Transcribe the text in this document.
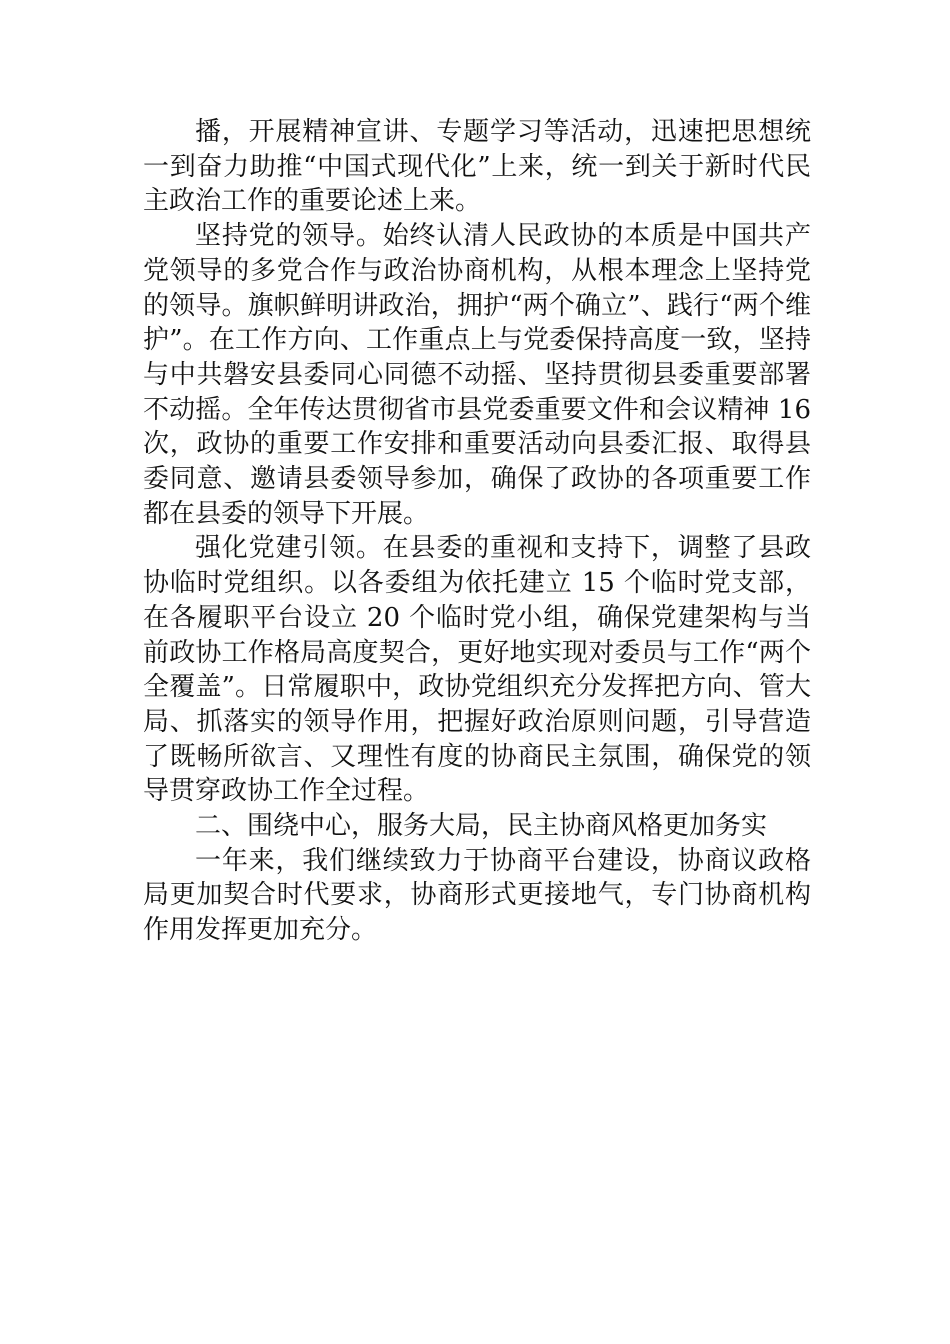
播，开展精神宣讲、专题学习等活动，迅速把思想统一到奋力助推“中国式现代化”上来，统一到关于新时代民主政治工作的重要论述上来。

坚持党的领导。始终认清人民政协的本质是中国共产党领导的多党合作与政治协商机构，从根本理念上坚持党的领导。旗帜鲜明讲政治，拥护“两个确立”、践行“两个维护”。在工作方向、工作重点上与党委保持高度一致，坚持与中共磐安县委同心同德不动摇、坚持贯彻县委重要部署不动摇。全年传达贯彻省市县党委重要文件和会议精神 16 次，政协的重要工作安排和重要活动向县委汇报、取得县委同意、邀请县委领导参加，确保了政协的各项重要工作都在县委的领导下开展。

强化党建引领。在县委的重视和支持下，调整了县政协临时党组织。以各委组为依托建立 15 个临时党支部，在各履职平台设立 20 个临时党小组，确保党建架构与当前政协工作格局高度契合，更好地实现对委员与工作“两个全覆盖”。日常履职中，政协党组织充分发挥把方向、管大局、抓落实的领导作用，把握好政治原则问题，引导营造了既畅所欲言、又理性有度的协商民主氛围，确保党的领导贯穿政协工作全过程。

二、围绕中心，服务大局，民主协商风格更加务实

一年来，我们继续致力于协商平台建设，协商议政格局更加契合时代要求，协商形式更接地气，专门协商机构作用发挥更加充分。
